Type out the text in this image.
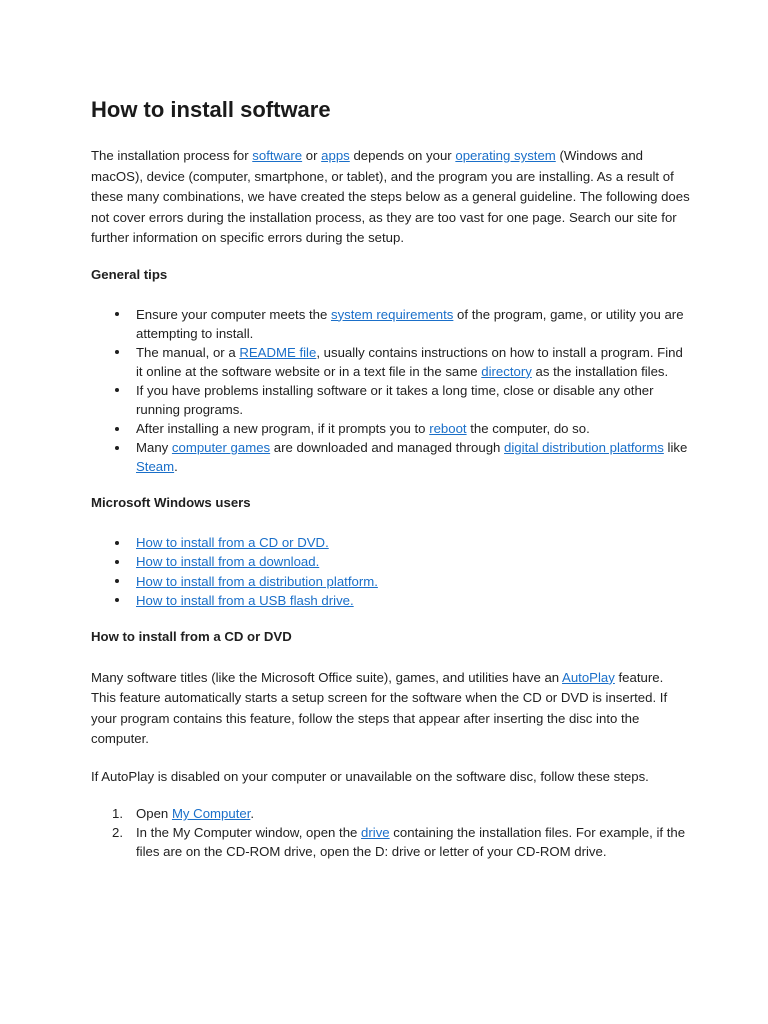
How to install software

The installation process for software or apps depends on your operating system (Windows and macOS), device (computer, smartphone, or tablet), and the program you are installing. As a result of these many combinations, we have created the steps below as a general guideline. The following does not cover errors during the installation process, as they are too vast for one page. Search our site for further information on specific errors during the setup.

General tips
Ensure your computer meets the system requirements of the program, game, or utility you are attempting to install.
The manual, or a README file, usually contains instructions on how to install a program. Find it online at the software website or in a text file in the same directory as the installation files.
If you have problems installing software or it takes a long time, close or disable any other running programs.
After installing a new program, if it prompts you to reboot the computer, do so.
Many computer games are downloaded and managed through digital distribution platforms like Steam.
Microsoft Windows users
How to install from a CD or DVD.
How to install from a download.
How to install from a distribution platform.
How to install from a USB flash drive.
How to install from a CD or DVD

Many software titles (like the Microsoft Office suite), games, and utilities have an AutoPlay feature. This feature automatically starts a setup screen for the software when the CD or DVD is inserted. If your program contains this feature, follow the steps that appear after inserting the disc into the computer.

If AutoPlay is disabled on your computer or unavailable on the software disc, follow these steps.

1. Open My Computer.
2. In the My Computer window, open the drive containing the installation files. For example, if the files are on the CD-ROM drive, open the D: drive or letter of your CD-ROM drive.
